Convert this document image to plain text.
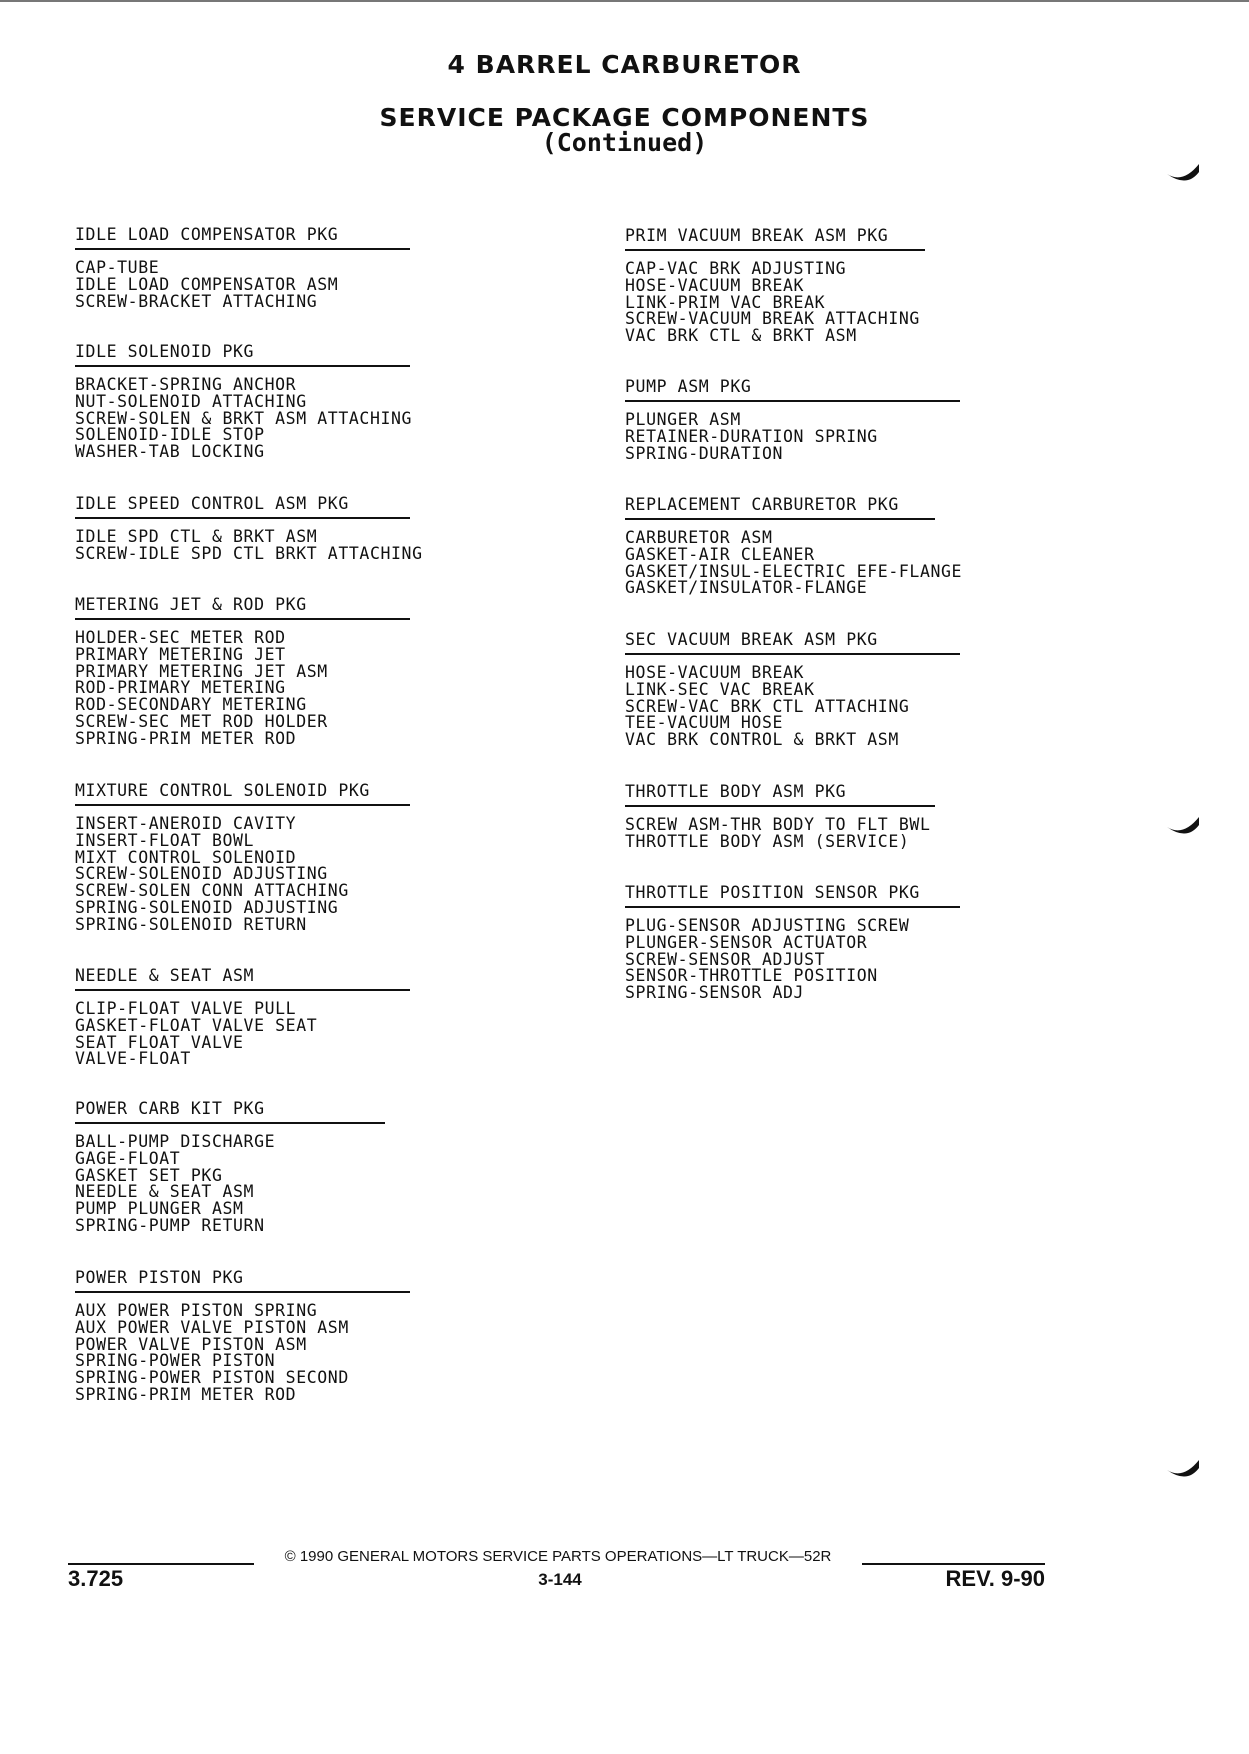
4 BARREL CARBURETOR
SERVICE PACKAGE COMPONENTS
(Continued)
IDLE LOAD COMPENSATOR PKG
CAP-TUBE
IDLE LOAD COMPENSATOR ASM
SCREW-BRACKET ATTACHING
IDLE SOLENOID PKG
BRACKET-SPRING ANCHOR
NUT-SOLENOID ATTACHING
SCREW-SOLEN & BRKT ASM ATTACHING
SOLENOID-IDLE STOP
WASHER-TAB LOCKING
IDLE SPEED CONTROL ASM PKG
IDLE SPD CTL & BRKT ASM
SCREW-IDLE SPD CTL BRKT ATTACHING
METERING JET & ROD PKG
HOLDER-SEC METER ROD
PRIMARY METERING JET
PRIMARY METERING JET ASM
ROD-PRIMARY METERING
ROD-SECONDARY METERING
SCREW-SEC MET ROD HOLDER
SPRING-PRIM METER ROD
MIXTURE CONTROL SOLENOID PKG
INSERT-ANEROID CAVITY
INSERT-FLOAT BOWL
MIXT CONTROL SOLENOID
SCREW-SOLENOID ADJUSTING
SCREW-SOLEN CONN ATTACHING
SPRING-SOLENOID ADJUSTING
SPRING-SOLENOID RETURN
NEEDLE & SEAT ASM
CLIP-FLOAT VALVE PULL
GASKET-FLOAT VALVE SEAT
SEAT FLOAT VALVE
VALVE-FLOAT
POWER CARB KIT PKG
BALL-PUMP DISCHARGE
GAGE-FLOAT
GASKET SET PKG
NEEDLE & SEAT ASM
PUMP PLUNGER ASM
SPRING-PUMP RETURN
POWER PISTON PKG
AUX POWER PISTON SPRING
AUX POWER VALVE PISTON ASM
POWER VALVE PISTON ASM
SPRING-POWER PISTON
SPRING-POWER PISTON SECOND
SPRING-PRIM METER ROD
PRIM VACUUM BREAK ASM PKG
CAP-VAC BRK ADJUSTING
HOSE-VACUUM BREAK
LINK-PRIM VAC BREAK
SCREW-VACUUM BREAK ATTACHING
VAC BRK CTL & BRKT ASM
PUMP ASM PKG
PLUNGER ASM
RETAINER-DURATION SPRING
SPRING-DURATION
REPLACEMENT CARBURETOR PKG
CARBURETOR ASM
GASKET-AIR CLEANER
GASKET/INSUL-ELECTRIC EFE-FLANGE
GASKET/INSULATOR-FLANGE
SEC VACUUM BREAK ASM PKG
HOSE-VACUUM BREAK
LINK-SEC VAC BREAK
SCREW-VAC BRK CTL ATTACHING
TEE-VACUUM HOSE
VAC BRK CONTROL & BRKT ASM
THROTTLE BODY ASM PKG
SCREW ASM-THR BODY TO FLT BWL
THROTTLE BODY ASM (SERVICE)
THROTTLE POSITION SENSOR PKG
PLUG-SENSOR ADJUSTING SCREW
PLUNGER-SENSOR ACTUATOR
SCREW-SENSOR ADJUST
SENSOR-THROTTLE POSITION
SPRING-SENSOR ADJ
© 1990 GENERAL MOTORS SERVICE PARTS OPERATIONS—LT TRUCK—52R
3.725	3-144	REV. 9-90
